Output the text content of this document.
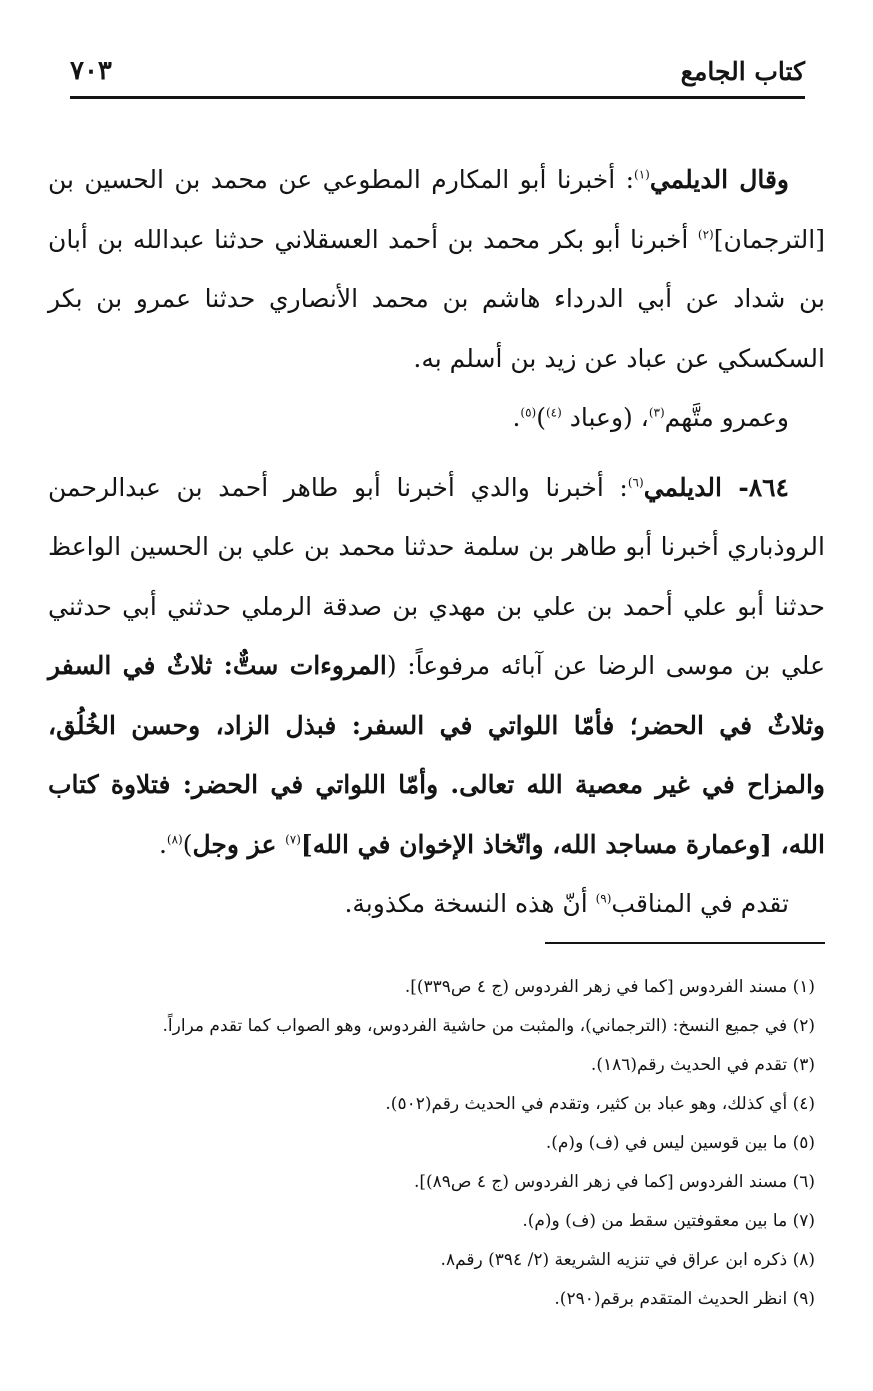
كتاب الجامع
٧٠٣

وقال الديلمي$^{(١)}$: أخبرنا أبو المكارم المطوعي عن محمد بن الحسين بن [الترجمان]$^{(٢)}$ أخبرنا أبو بكر محمد بن أحمد العسقلاني حدثنا عبدالله بن أبان بن شداد عن أبي الدرداء هاشم بن محمد الأنصاري حدثنا عمرو بن بكر السكسكي عن عباد عن زيد بن أسلم به.

وعمرو متَّهم$^{(٣)}$، (وعباد $^{(٤)}$)$^{(٥)}$.

٨٦٤- الديلمي$^{(٦)}$: أخبرنا والدي أخبرنا أبو طاهر أحمد بن عبدالرحمن الروذباري أخبرنا أبو طاهر بن سلمة حدثنا محمد بن علي بن الحسين الواعظ حدثنا أبو علي أحمد بن علي بن مهدي بن صدقة الرملي حدثني أبي حدثني علي بن موسى الرضا عن آبائه مرفوعاً: (المروءات ستٌّ: ثلاثٌ في السفر وثلاثٌ في الحضر؛ فأمّا اللواتي في السفر: فبذل الزاد، وحسن الخُلُق، والمزاح في غير معصية الله تعالى. وأمّا اللواتي في الحضر: فتلاوة كتاب الله، [وعمارة مساجد الله، واتّخاذ الإخوان في الله]$^{(٧)}$ عز وجل)$^{(٨)}$.

تقدم في المناقب$^{(٩)}$ أنّ هذه النسخة مكذوبة.

(١) مسند الفردوس [كما في زهر الفردوس (ج ٤ ص٣٣٩)].
(٢) في جميع النسخ: (الترجماني)، والمثبت من حاشية الفردوس، وهو الصواب كما تقدم مراراً.
(٣) تقدم في الحديث رقم(١٨٦).
(٤) أي كذلك، وهو عباد بن كثير، وتقدم في الحديث رقم(٥٠٢).
(٥) ما بين قوسين ليس في (ف) و(م).
(٦) مسند الفردوس [كما في زهر الفردوس (ج ٤ ص٨٩)].
(٧) ما بين معقوفتين سقط من (ف) و(م).
(٨) ذكره ابن عراق في تنزيه الشريعة (٢/ ٣٩٤) رقم٨.
(٩) انظر الحديث المتقدم برقم(٢٩٠).
